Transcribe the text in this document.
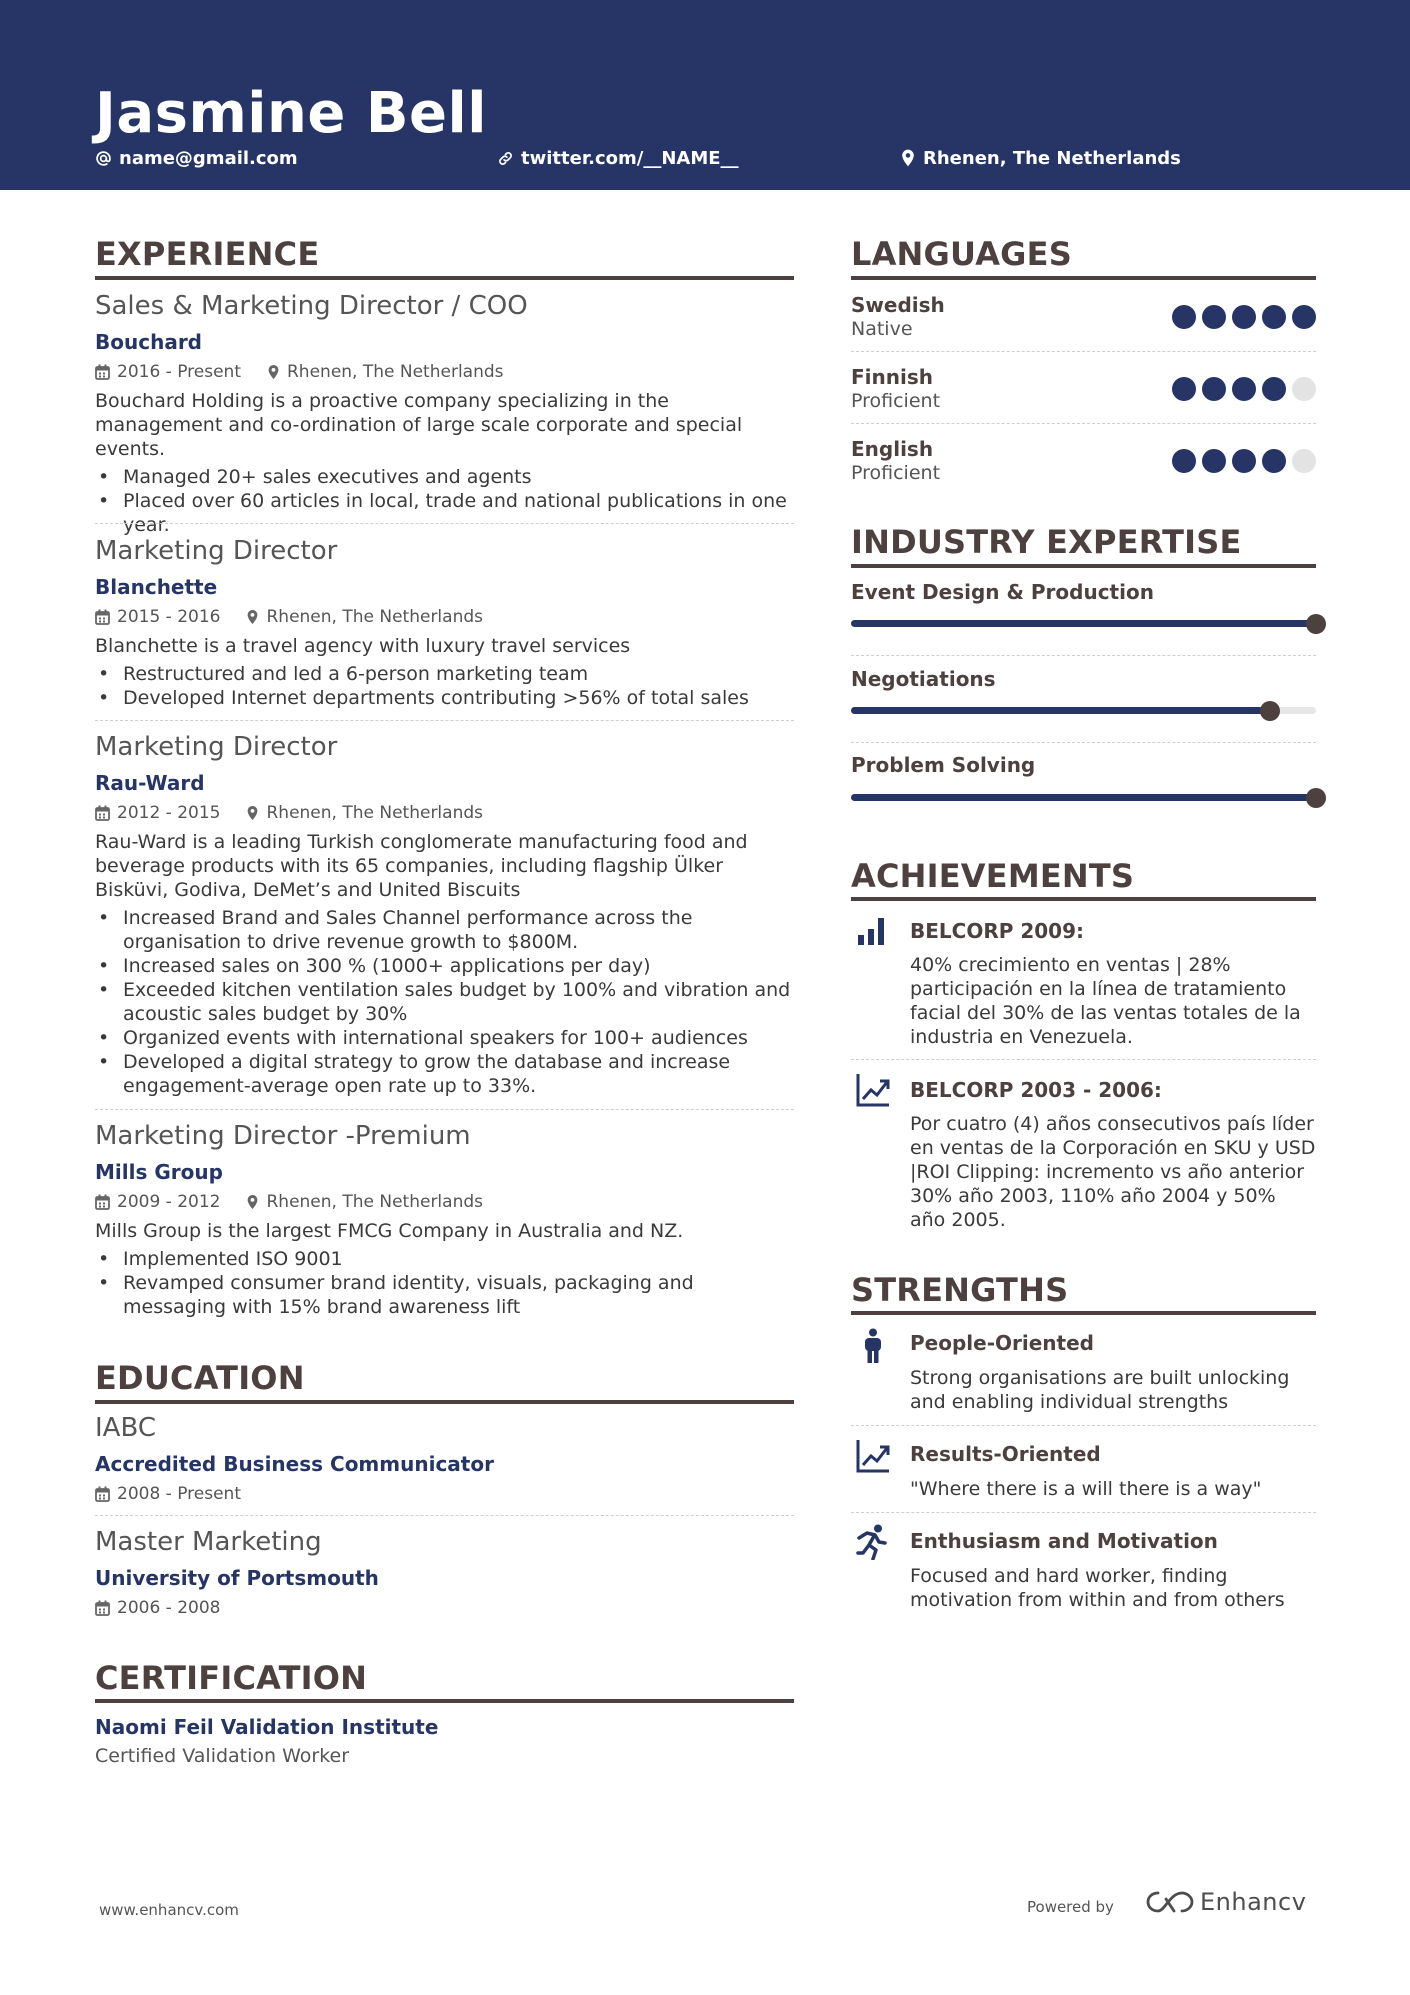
Jasmine Bell
name@gmail.com	twitter.com/__NAME__	Rhenen, The Netherlands
EXPERIENCE
Sales & Marketing Director / COO
Bouchard
2016 - Present	Rhenen, The Netherlands
Bouchard Holding is a proactive company specializing in the management and co-ordination of large scale corporate and special events.
• Managed 20+ sales executives and agents
• Placed over 60 articles in local, trade and national publications in one year.
Marketing Director
Blanchette
2015 - 2016	Rhenen, The Netherlands
Blanchette is a travel agency with luxury travel services
• Restructured and led a 6-person marketing team
• Developed Internet departments contributing >56% of total sales
Marketing Director
Rau-Ward
2012 - 2015	Rhenen, The Netherlands
Rau-Ward is a leading Turkish conglomerate manufacturing food and beverage products with its 65 companies, including flagship Ülker Bisküvi, Godiva, DeMet’s and United Biscuits
• Increased Brand and Sales Channel performance across the organisation to drive revenue growth to $800M.
• Increased sales on 300 % (1000+ applications per day)
• Exceeded kitchen ventilation sales budget by 100% and vibration and acoustic sales budget by 30%
• Organized events with international speakers for 100+ audiences
• Developed a digital strategy to grow the database and increase engagement-average open rate up to 33%.
Marketing Director -Premium
Mills Group
2009 - 2012	Rhenen, The Netherlands
Mills Group is the largest FMCG Company in Australia and NZ.
• Implemented ISO 9001
• Revamped consumer brand identity, visuals, packaging and messaging with 15% brand awareness lift
EDUCATION
IABC
Accredited Business Communicator
2008 - Present
Master Marketing
University of Portsmouth
2006 - 2008
CERTIFICATION
Naomi Feil Validation Institute
Certified Validation Worker
LANGUAGES
Swedish
Native
Finnish
Proficient
English
Proficient
INDUSTRY EXPERTISE
Event Design & Production
Negotiations
Problem Solving
ACHIEVEMENTS
BELCORP 2009:
40% crecimiento en ventas | 28% participación en la línea de tratamiento facial del 30% de las ventas totales de la industria en Venezuela.
BELCORP 2003 - 2006:
Por cuatro (4) años consecutivos país líder en ventas de la Corporación en SKU y USD |ROI Clipping: incremento vs año anterior 30% año 2003, 110% año 2004 y 50% año 2005.
STRENGTHS
People-Oriented
Strong organisations are built unlocking and enabling individual strengths
Results-Oriented
"Where there is a will there is a way"
Enthusiasm and Motivation
Focused and hard worker, finding motivation from within and from others
www.enhancv.com	Powered by	Enhancv
